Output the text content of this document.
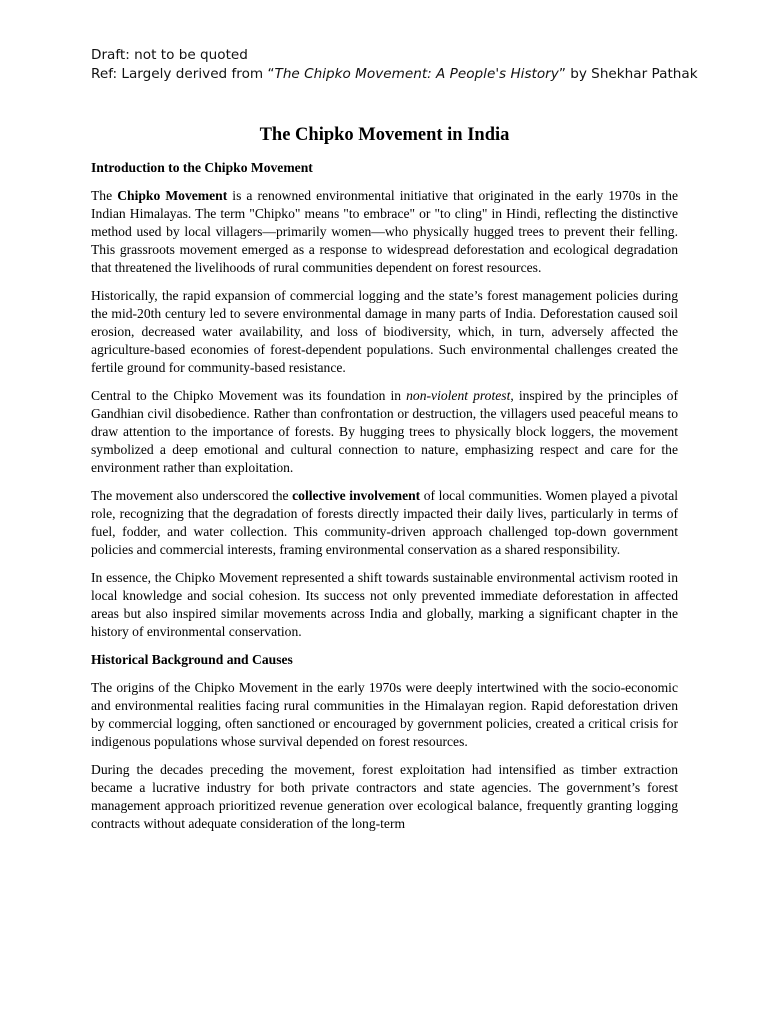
Draft: not to be quoted
Ref: Largely derived from “The Chipko Movement: A People's History” by Shekhar Pathak
The Chipko Movement in India
Introduction to the Chipko Movement

The Chipko Movement is a renowned environmental initiative that originated in the early 1970s in the Indian Himalayas. The term "Chipko" means "to embrace" or "to cling" in Hindi, reflecting the distinctive method used by local villagers—primarily women—who physically hugged trees to prevent their felling. This grassroots movement emerged as a response to widespread deforestation and ecological degradation that threatened the livelihoods of rural communities dependent on forest resources.

Historically, the rapid expansion of commercial logging and the state’s forest management policies during the mid-20th century led to severe environmental damage in many parts of India. Deforestation caused soil erosion, decreased water availability, and loss of biodiversity, which, in turn, adversely affected the agriculture-based economies of forest-dependent populations. Such environmental challenges created the fertile ground for community-based resistance.

Central to the Chipko Movement was its foundation in non-violent protest, inspired by the principles of Gandhian civil disobedience. Rather than confrontation or destruction, the villagers used peaceful means to draw attention to the importance of forests. By hugging trees to physically block loggers, the movement symbolized a deep emotional and cultural connection to nature, emphasizing respect and care for the environment rather than exploitation.

The movement also underscored the collective involvement of local communities. Women played a pivotal role, recognizing that the degradation of forests directly impacted their daily lives, particularly in terms of fuel, fodder, and water collection. This community-driven approach challenged top-down government policies and commercial interests, framing environmental conservation as a shared responsibility.

In essence, the Chipko Movement represented a shift towards sustainable environmental activism rooted in local knowledge and social cohesion. Its success not only prevented immediate deforestation in affected areas but also inspired similar movements across India and globally, marking a significant chapter in the history of environmental conservation.

Historical Background and Causes

The origins of the Chipko Movement in the early 1970s were deeply intertwined with the socio-economic and environmental realities facing rural communities in the Himalayan region. Rapid deforestation driven by commercial logging, often sanctioned or encouraged by government policies, created a critical crisis for indigenous populations whose survival depended on forest resources.

During the decades preceding the movement, forest exploitation had intensified as timber extraction became a lucrative industry for both private contractors and state agencies. The government’s forest management approach prioritized revenue generation over ecological balance, frequently granting logging contracts without adequate consideration of the long-term
